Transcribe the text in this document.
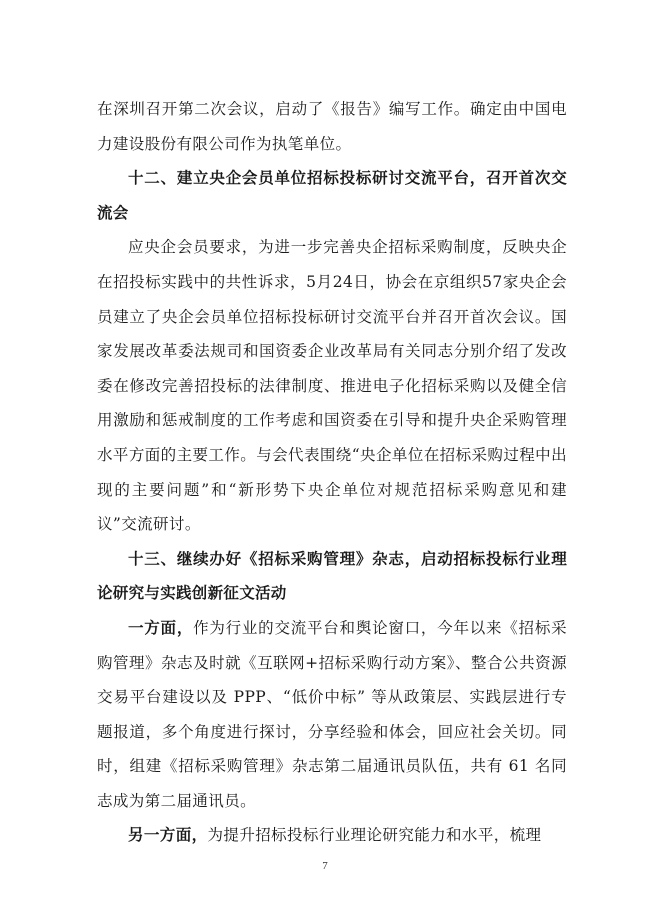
在深圳召开第二次会议，启动了《报告》编写工作。确定由中国电力建设股份有限公司作为执笔单位。

十二、建立央企会员单位招标投标研讨交流平台，召开首次交流会

应央企会员要求，为进一步完善央企招标采购制度，反映央企在招投标实践中的共性诉求，5月24日，协会在京组织57家央企会员建立了央企会员单位招标投标研讨交流平台并召开首次会议。国家发展改革委法规司和国资委企业改革局有关同志分别介绍了发改委在修改完善招投标的法律制度、推进电子化招标采购以及健全信用激励和惩戒制度的工作考虑和国资委在引导和提升央企采购管理水平方面的主要工作。与会代表围绕“央企单位在招标采购过程中出现的主要问题”和“新形势下央企单位对规范招标采购意见和建议”交流研讨。

十三、继续办好《招标采购管理》杂志，启动招标投标行业理论研究与实践创新征文活动

一方面，作为行业的交流平台和舆论窗口，今年以来《招标采购管理》杂志及时就《互联网+招标采购行动方案》、整合公共资源交易平台建设以及 PPP、“低价中标” 等从政策层、实践层进行专题报道，多个角度进行探讨，分享经验和体会，回应社会关切。同时，组建《招标采购管理》杂志第二届通讯员队伍，共有 61 名同志成为第二届通讯员。

另一方面，为提升招标投标行业理论研究能力和水平，梳理

7
